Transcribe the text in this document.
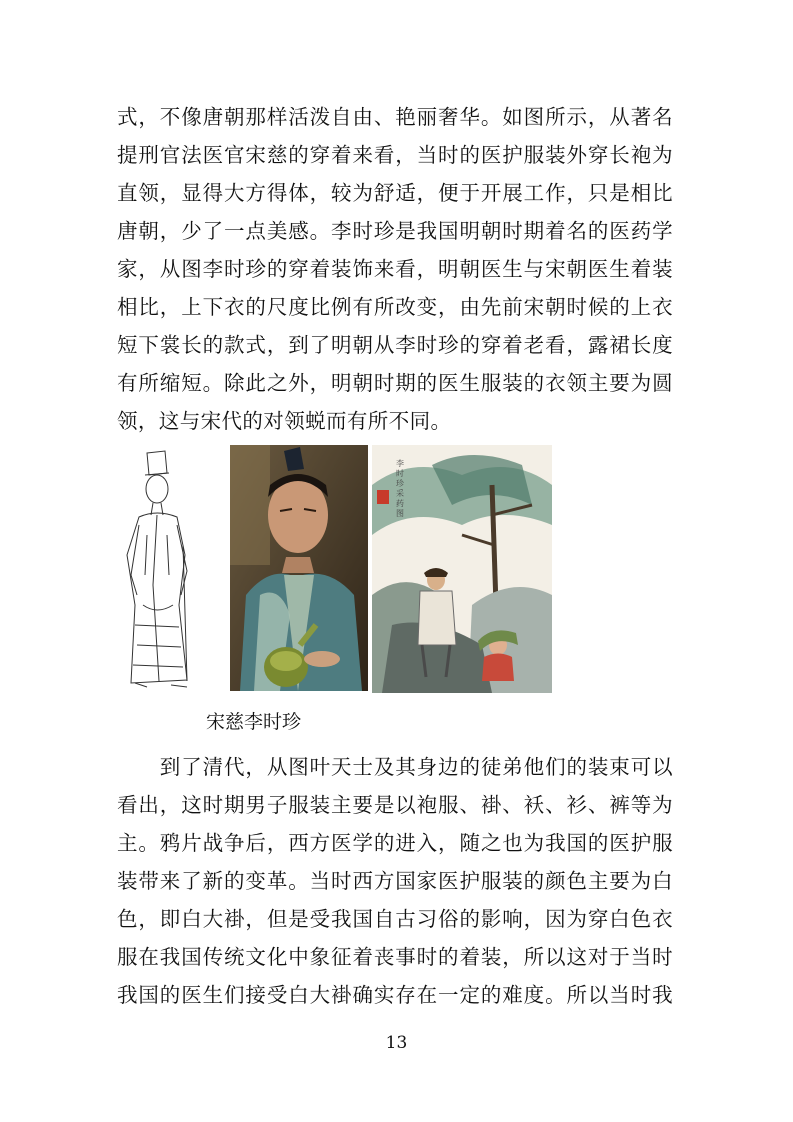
式，不像唐朝那样活泼自由、艳丽奢华。如图所示，从著名
提刑官法医官宋慈的穿着来看，当时的医护服装外穿长袍为
直领，显得大方得体，较为舒适，便于开展工作，只是相比
唐朝，少了一点美感。李时珍是我国明朝时期着名的医药学
家，从图李时珍的穿着装饰来看，明朝医生与宋朝医生着装
相比，上下衣的尺度比例有所改变，由先前宋朝时候的上衣
短下裳长的款式，到了明朝从李时珍的穿着老看，露裙长度
有所缩短。除此之外，明朝时期的医生服装的衣领主要为圆
领，这与宋代的对领蜕而有所不同。
李时珍采药图
宋慈李时珍
　　到了清代，从图叶天士及其身边的徒弟他们的装束可以
看出，这时期男子服装主要是以袍服、褂、袄、衫、裤等为
主。鸦片战争后，西方医学的进入，随之也为我国的医护服
装带来了新的变革。当时西方国家医护服装的颜色主要为白
色，即白大褂，但是受我国自古习俗的影响，因为穿白色衣
服在我国传统文化中象征着丧事时的着装，所以这对于当时
我国的医生们接受白大褂确实存在一定的难度。所以当时我
13
